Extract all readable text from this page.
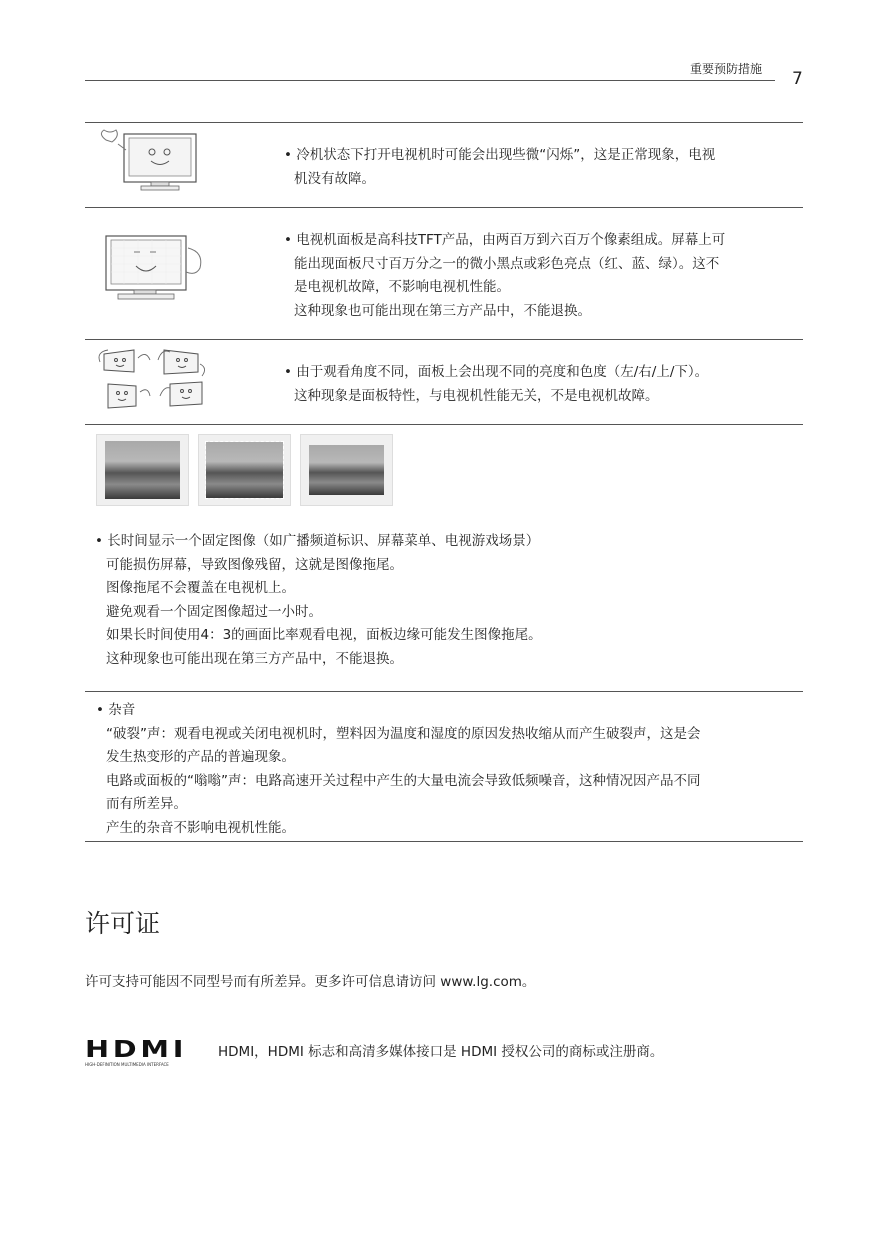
重要预防措施 7
• 冷机状态下打开电视机时可能会出现些微“闪烁”，这是正常现象，电视
机没有故障。
• 电视机面板是高科技TFT产品，由两百万到六百万个像素组成。屏幕上可
能出现面板尺寸百万分之一的微小黑点或彩色亮点（红、蓝、绿）。这不
是电视机故障，不影响电视机性能。
这种现象也可能出现在第三方产品中，不能退换。
• 由于观看角度不同，面板上会出现不同的亮度和色度（左/右/上/下）。
这种现象是面板特性，与电视机性能无关，不是电视机故障。
• 长时间显示一个固定图像（如广播频道标识、屏幕菜单、电视游戏场景）
可能损伤屏幕，导致图像残留，这就是图像拖尾。
图像拖尾不会覆盖在电视机上。
避免观看一个固定图像超过一小时。
如果长时间使用4：3的画面比率观看电视，面板边缘可能发生图像拖尾。
这种现象也可能出现在第三方产品中，不能退换。
• 杂音
“破裂”声：观看电视或关闭电视机时，塑料因为温度和湿度的原因发热收缩从而产生破裂声，这是会
发生热变形的产品的普遍现象。
电路或面板的“嗡嗡”声：电路高速开关过程中产生的大量电流会导致低频噪音，这种情况因产品不同
而有所差异。
产生的杂音不影响电视机性能。
许可证
许可支持可能因不同型号而有所差异。更多许可信息请访问 www.lg.com。
HDMI
HIGH-DEFINITION MULTIMEDIA INTERFACE
HDMI，HDMI 标志和高清多媒体接口是 HDMI 授权公司的商标或注册商。
